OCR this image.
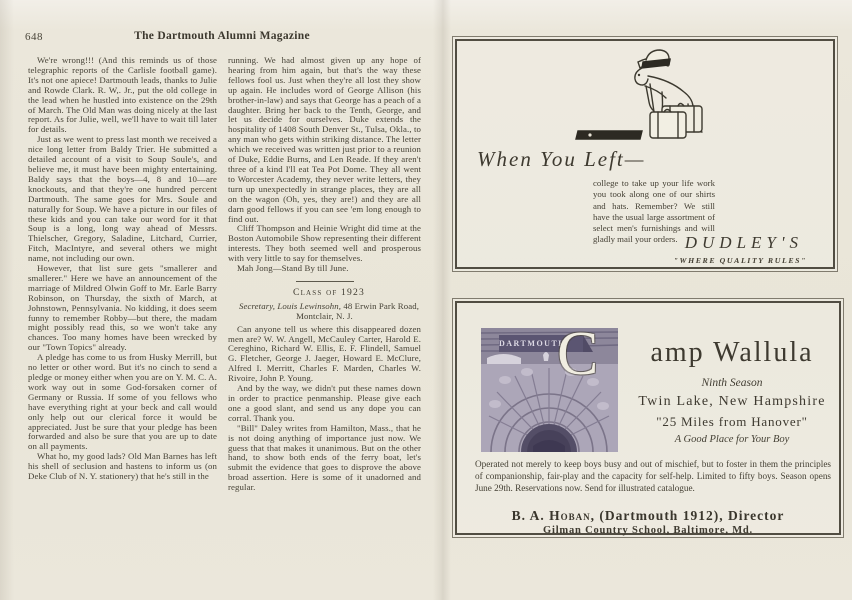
648	The Dartmouth Alumni Magazine

We're wrong!!! (And this reminds us of those telegraphic reports of the Carlisle football game). It's not one apiece! Dartmouth leads, thanks to Julie and Rowde Clark. R. W,. Jr., put the old college in the lead when he hustled into existence on the 29th of March. The Old Man was doing nicely at the last report. As for Julie, well, we'll have to wait till later for details.

Just as we went to press last month we received a nice long letter from Baldy Trier. He submitted a detailed account of a visit to Soup Soule's, and believe me, it must have been mighty entertaining. Baldy says that the boys—4, 8 and 10—are knockouts, and that they're one hundred percent Dartmouth. The same goes for Mrs. Soule and naturally for Soup. We have a picture in our files of these kids and you can take our word for it that Soup is a long, long way ahead of Messrs. Thielscher, Gregory, Saladine, Litchard, Currier, Fitch, MacIntyre, and several others we might name, not including our own.

However, that list sure gets "smallerer and smallerer." Here we have an announcement of the marriage of Mildred Olwin Goff to Mr. Earle Barry Robinson, on Thursday, the sixth of March, at Johnstown, Pennsylvania. No kidding, it does seem funny to remember Robby—but there, the madam might possibly read this, so we won't take any chances. Too many homes have been wrecked by our "Town Topics" already.

A pledge has come to us from Husky Merrill, but no letter or other word. But it's no cinch to send a pledge or money either when you are on Y. M. C. A. work way out in some God-forsaken corner of Germany or Russia. If some of you fellows who have everything right at your beck and call would only help out our clerical force it would be appreciated. Just be sure that your pledge has been forwarded and also be sure that you are up to date on all payments.

What ho, my good lads? Old Man Barnes has left his shell of seclusion and hastens to inform us (on Deke Club of N. Y. stationery) that he's still in the

running. We had almost given up any hope of hearing from him again, but that's the way these fellows fool us. Just when they're all lost they show up again. He includes word of George Allison (his brother-in-law) and says that George has a peach of a daughter. Bring her back to the Tenth, George, and let us decide for ourselves. Duke extends the hospitality of 1408 South Denver St., Tulsa, Okla., to any man who gets within striking distance. The letter which we received was written just prior to a reunion of Duke, Eddie Burns, and Len Reade. If they aren't three of a kind I'll eat Tea Pot Dome. They all went to Worcester Academy, they never write letters, they turn up unexpectedly in strange places, they are all on the wagon (Oh, yes, they are!) and they are all darn good fellows if you can see 'em long enough to find out.

Cliff Thompson and Heinie Wright did time at the Boston Automobile Show representing their different interests. They both seemed well and prosperous with very little to say for themselves.

Mah Jong—Stand By till June.

Class of 1923

Secretary, Louis Lewinsohn, 48 Erwin Park Road, Montclair, N. J.

Can anyone tell us where this disappeared dozen men are? W. W. Angell, McCauley Carter, Harold E. Cereghino, Richard W. Ellis, E. F. Flindell, Samuel G. Fletcher, George J. Jaeger, Howard E. McClure, Alfred I. Merritt, Charles F. Marden, Charles W. Rivoire, John P. Young.

And by the way, we didn't put these names down in order to practice penmanship. Please give each one a good slant, and send us any dope you can corral. Thank you.

"Bill" Daley writes from Hamilton, Mass., that he is not doing anything of importance just now. We guess that that makes it unanimous. But on the other hand, to show both ends of the ferry boat, let's submit the evidence that goes to disprove the above broad assertion. Here is some of it unadorned and regular.

When You Left—
college to take up your life work you took along one of our shirts and hats. Remember? We still have the usual large assortment of select men's furnishings and will gladly mail your orders. DUDLEY'S
"WHERE QUALITY RULES"
DARTMOUTH
C	amp Wallula
Ninth Season
Twin Lake, New Hampshire
"25 Miles from Hanover"
A Good Place for Your Boy
Operated not merely to keep boys busy and out of mischief, but to foster in them the principles of companionship, fair-play and the capacity for self-help. Limited to fifty boys. Season opens June 29th. Reservations now. Send for illustrated catalogue.
B. A. Hoban, (Dartmouth 1912), Director
Gilman Country School, Baltimore, Md.
